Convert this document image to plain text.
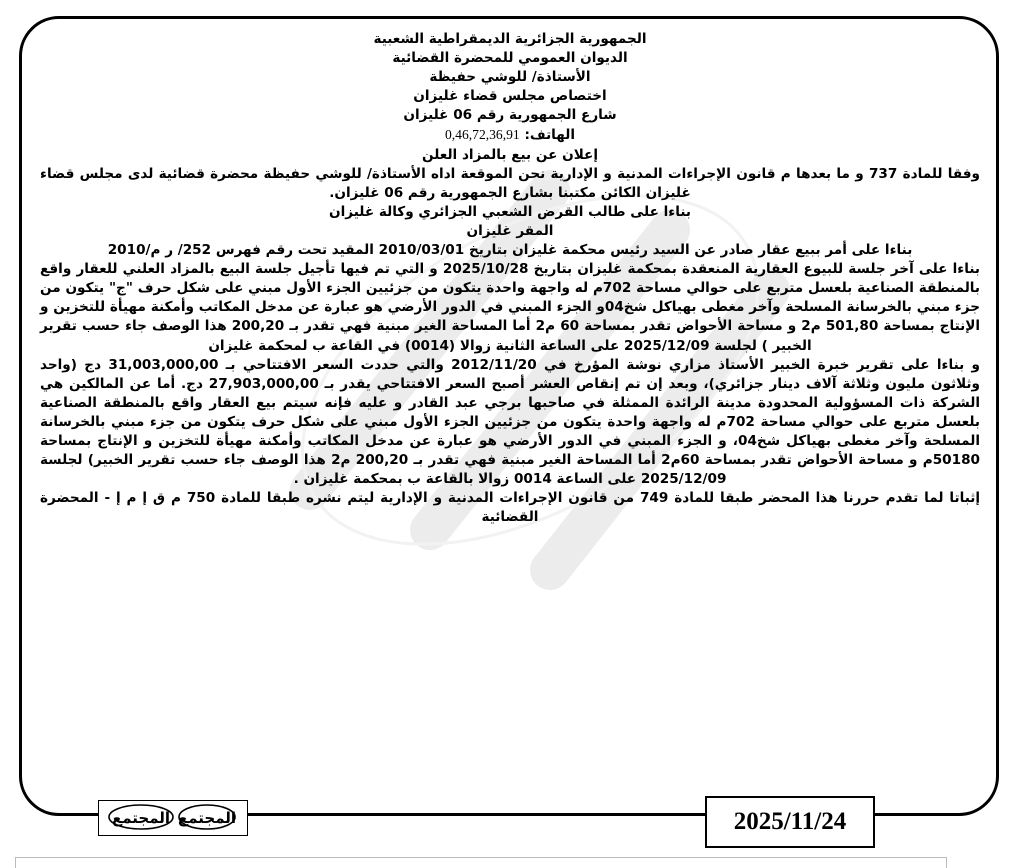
الجمهورية الجزائرية الديمقراطية الشعبية

الديوان العمومي للمحضرة القضائية

الأستاذة/ للوشي حفيظة

اختصاص مجلس قضاء غليزان

شارع الجمهورية رقم 06 غليزان

الهاتف: 0,46,72,36,91

إعلان عن بيع بالمزاد العلن

وفقا للمادة 737 و ما بعدها م قانون الإجراءات المدنية و الإدارية نحن الموقعة اداه الأستاذة/ للوشي حفيظة محضرة قضائية لدى مجلس قضاء غليزان الكائن مكتبنا بشارع الجمهورية رقم 06 غليزان.

بناءا على طالب القرض الشعبي الجزائري وكالة غليزان

المقر غليزان

بناءا على أمر ببيع عقار صادر عن السيد رئيس محكمة غليزان بتاريخ 2010/03/01 المقيد تحت رقم فهرس 252/ ر م/2010

بناءا على آخر جلسة للبيوع العقارية المنعقدة بمحكمة غليزان بتاريخ 2025/10/28 و التي تم فيها تأجيل جلسة البيع بالمزاد العلني للعقار واقع بالمنطقة الصناعية بلعسل متربع على حوالي مساحة 702م له واجهة واحدة يتكون من جزئيين الجزء الأول مبني على شكل حرف "ج" يتكون من جزء مبني بالخرسانة المسلحة وآخر مغطى بهياكل شخ04و الجزء المبني في الدور الأرضي هو عبارة عن مدخل المكاتب وأمكنة مهيأة للتخزين و الإنتاج بمساحة 501,80 م2 و مساحة الأحواض تقدر بمساحة 60 م2 أما المساحة الغير مبنية فهي تقدر بـ 200,20 هذا الوصف جاء حسب تقرير الخبير ) لجلسة 2025/12/09 على الساعة الثانية زوالا (0014) في القاعة ب لمحكمة غليزان

و بناءا على تقرير خبرة الخبير الأستاذ مزاري نوشة المؤرخ في 2012/11/20 والتي حددت السعر الافتتاحي بـ 31,003,000,00 دج (واحد وثلاثون مليون وثلاثة آلاف دينار جزائري)، وبعد إن تم إنقاص العشر أصبح السعر الافتتاحي يقدر بـ 27,903,000,00 دج. أما عن المالكين هي الشركة ذات المسؤولية المحدودة مدينة الرائدة الممثلة في صاحبها برجي عبد القادر و عليه فإنه سيتم بيع العقار واقع بالمنطقة الصناعية بلعسل متربع على حوالي مساحة 702م له واجهة واحدة يتكون من جزئيين الجزء الأول مبني على شكل حرف يتكون من جزء مبني بالخرسانة المسلحة وآخر مغطى بهياكل شخ04، و الجزء المبني في الدور الأرضي هو عبارة عن مدخل المكاتب وأمكنة مهيأة للتخزين و الإنتاج بمساحة 50180م و مساحة الأحواض تقدر بمساحة 60م2 أما المساحة الغير مبنية فهي تقدر بـ 200,20 م2 هذا الوصف جاء حسب تقرير الخبير) لجلسة 2025/12/09 على الساعة 0014 زوالا بالقاعة ب بمحكمة غليزان .

إثباتا لما تقدم حررنا هذا المحضر طبقا للمادة 749 من قانون الإجراءات المدنية و الإدارية ليتم نشره طبقا للمادة 750 م ق إ م إ - المحضرة القضائية

المجتمع المجتمع	2025/11/24
